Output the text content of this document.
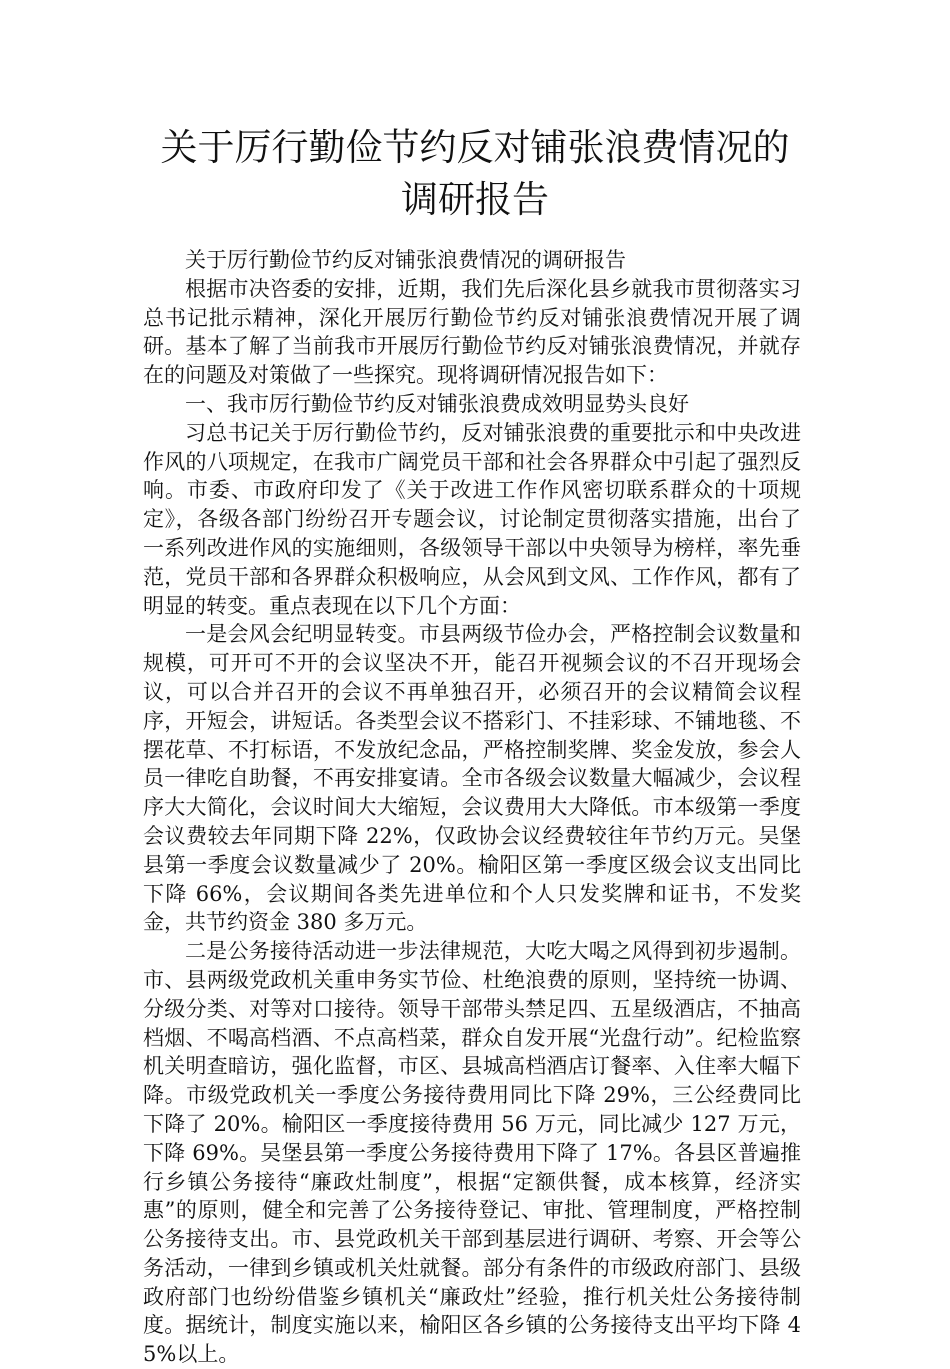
关于厉行勤俭节约反对铺张浪费情况的调研报告

关于厉行勤俭节约反对铺张浪费情况的调研报告

根据市决咨委的安排，近期，我们先后深化县乡就我市贯彻落实习总书记批示精神，深化开展厉行勤俭节约反对铺张浪费情况开展了调研。基本了解了当前我市开展厉行勤俭节约反对铺张浪费情况，并就存在的问题及对策做了一些探究。现将调研情况报告如下：

一、我市厉行勤俭节约反对铺张浪费成效明显势头良好

习总书记关于厉行勤俭节约，反对铺张浪费的重要批示和中央改进作风的八项规定，在我市广阔党员干部和社会各界群众中引起了强烈反响。市委、市政府印发了《关于改进工作作风密切联系群众的十项规定》，各级各部门纷纷召开专题会议，讨论制定贯彻落实措施，出台了一系列改进作风的实施细则，各级领导干部以中央领导为榜样，率先垂范，党员干部和各界群众积极响应，从会风到文风、工作作风，都有了明显的转变。重点表现在以下几个方面：

一是会风会纪明显转变。市县两级节俭办会，严格控制会议数量和规模，可开可不开的会议坚决不开，能召开视频会议的不召开现场会议，可以合并召开的会议不再单独召开，必须召开的会议精简会议程序，开短会，讲短话。各类型会议不搭彩门、不挂彩球、不铺地毯、不摆花草、不打标语，不发放纪念品，严格控制奖牌、奖金发放，参会人员一律吃自助餐，不再安排宴请。全市各级会议数量大幅减少，会议程序大大简化，会议时间大大缩短，会议费用大大降低。市本级第一季度会议费较去年同期下降 22%，仅政协会议经费较往年节约万元。吴堡县第一季度会议数量减少了 20%。榆阳区第一季度区级会议支出同比下降 66%，会议期间各类先进单位和个人只发奖牌和证书，不发奖金，共节约资金 380 多万元。

二是公务接待活动进一步法律规范，大吃大喝之风得到初步遏制。市、县两级党政机关重申务实节俭、杜绝浪费的原则，坚持统一协调、分级分类、对等对口接待。领导干部带头禁足四、五星级酒店，不抽高档烟、不喝高档酒、不点高档菜，群众自发开展“光盘行动”。纪检监察机关明查暗访，强化监督，市区、县城高档酒店订餐率、入住率大幅下降。市级党政机关一季度公务接待费用同比下降 29%，三公经费同比下降了 20%。榆阳区一季度接待费用 56 万元，同比减少 127 万元，下降 69%。吴堡县第一季度公务接待费用下降了 17%。各县区普遍推行乡镇公务接待“廉政灶制度”，根据“定额供餐，成本核算，经济实惠”的原则，健全和完善了公务接待登记、审批、管理制度，严格控制公务接待支出。市、县党政机关干部到基层进行调研、考察、开会等公务活动，一律到乡镇或机关灶就餐。部分有条件的市级政府部门、县级政府部门也纷纷借鉴乡镇机关“廉政灶”经验，推行机关灶公务接待制度。据统计，制度实施以来，榆阳区各乡镇的公务接待支出平均下降 45%以上。
